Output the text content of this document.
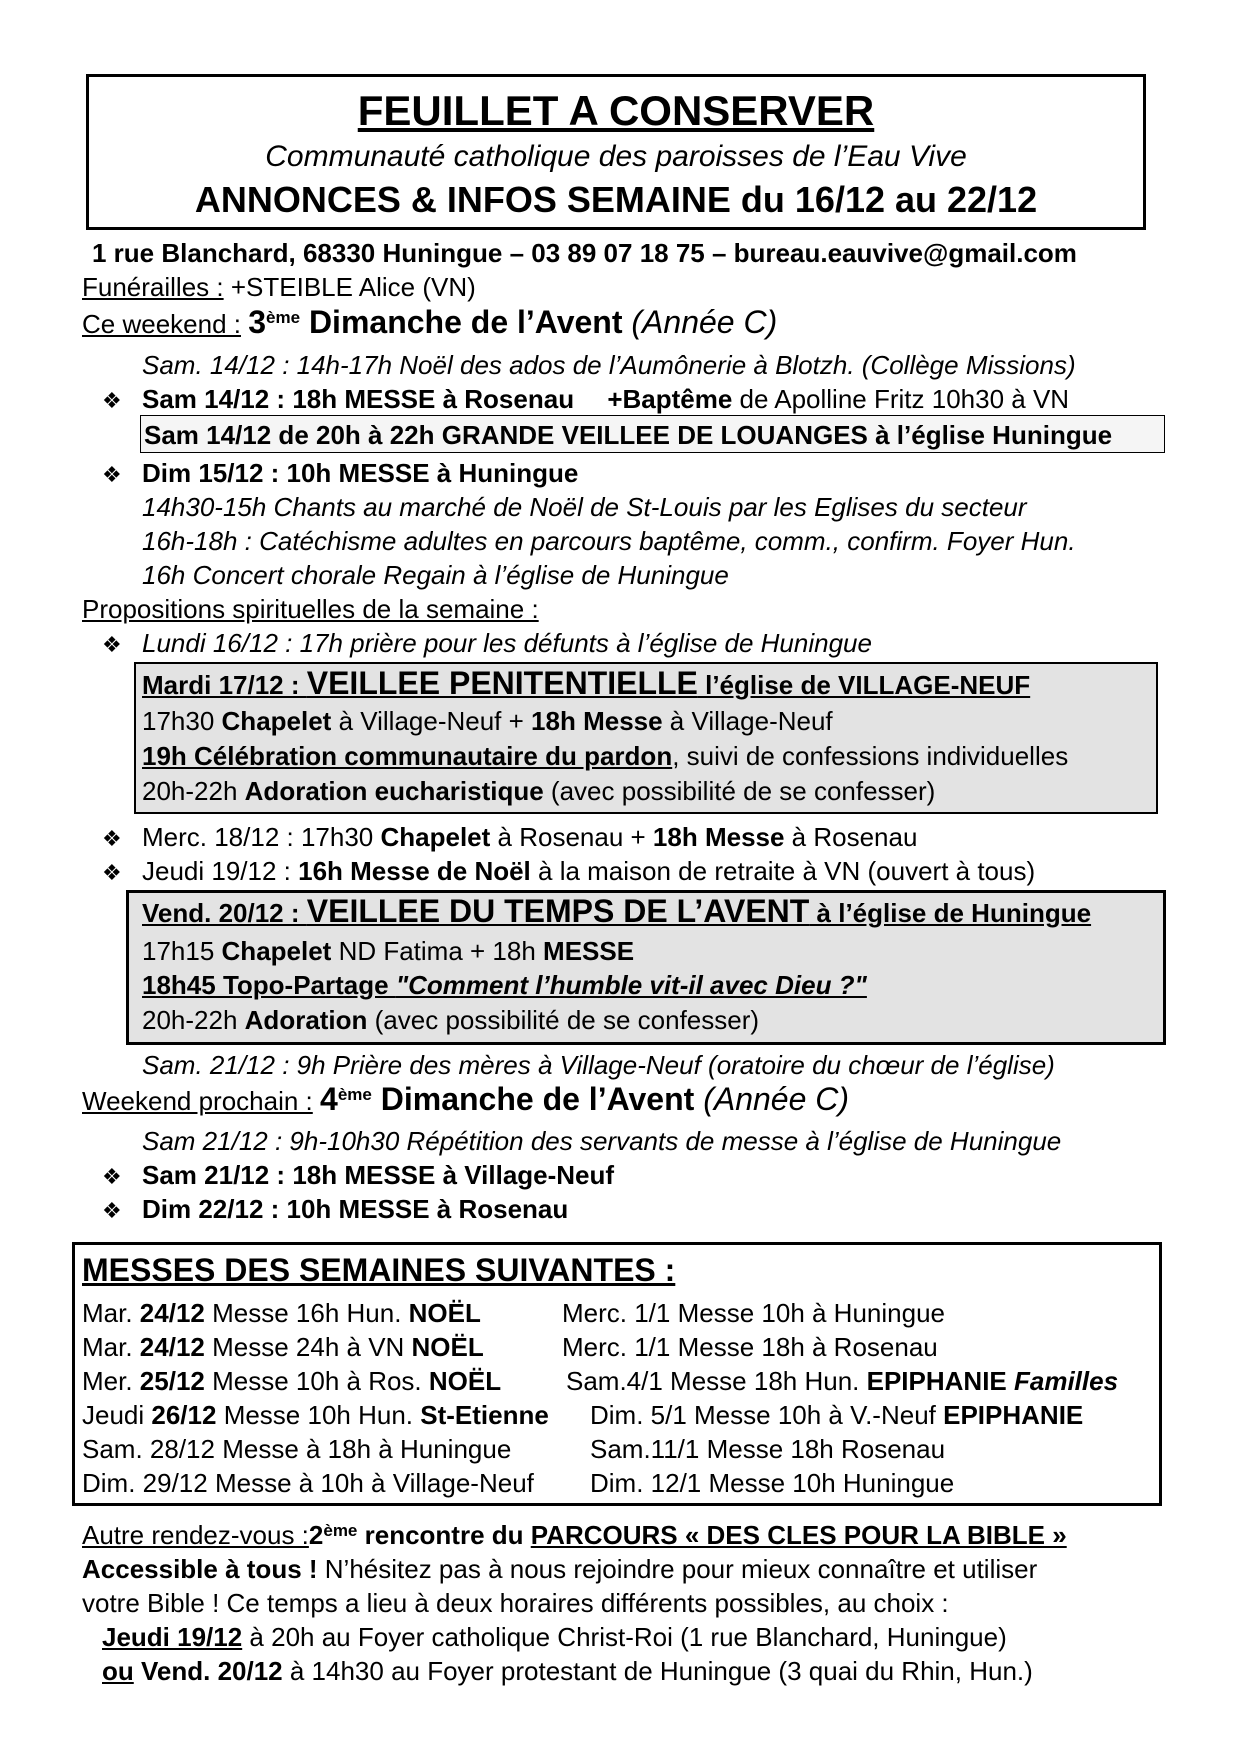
FEUILLET A CONSERVER
Communauté catholique des paroisses de l’Eau Vive
ANNONCES & INFOS SEMAINE du 16/12 au 22/12
1 rue Blanchard, 68330 Huningue – 03 89 07 18 75 – bureau.eauvive@gmail.com
Funérailles : +STEIBLE Alice (VN)
Ce weekend : 3ème Dimanche de l’Avent (Année C)
Sam. 14/12 : 14h-17h Noël des ados de l’Aumônerie à Blotzh. (Collège Missions)
❖ Sam 14/12 : 18h MESSE à Rosenau +Baptême de Apolline Fritz 10h30 à VN
Sam 14/12 de 20h à 22h GRANDE VEILLEE DE LOUANGES à l’église Huningue
❖ Dim 15/12 : 10h MESSE à Huningue
14h30-15h Chants au marché de Noël de St-Louis par les Eglises du secteur
16h-18h : Catéchisme adultes en parcours baptême, comm., confirm. Foyer Hun.
16h Concert chorale Regain à l’église de Huningue
Propositions spirituelles de la semaine :
❖ Lundi 16/12 : 17h prière pour les défunts à l’église de Huningue
Mardi 17/12 : VEILLEE PENITENTIELLE l’église de VILLAGE-NEUF
17h30 Chapelet à Village-Neuf + 18h Messe à Village-Neuf
19h Célébration communautaire du pardon, suivi de confessions individuelles
20h-22h Adoration eucharistique (avec possibilité de se confesser)
❖ Merc. 18/12 : 17h30 Chapelet à Rosenau + 18h Messe à Rosenau
❖ Jeudi 19/12 : 16h Messe de Noël à la maison de retraite à VN (ouvert à tous)
Vend. 20/12 : VEILLEE DU TEMPS DE L’AVENT à l’église de Huningue
17h15 Chapelet ND Fatima + 18h MESSE
18h45 Topo-Partage "Comment l’humble vit-il avec Dieu ?"
20h-22h Adoration (avec possibilité de se confesser)
Sam. 21/12 : 9h Prière des mères à Village-Neuf (oratoire du chœur de l’église)
Weekend prochain : 4ème Dimanche de l’Avent (Année C)
Sam 21/12 : 9h-10h30 Répétition des servants de messe à l’église de Huningue
❖ Sam 21/12 : 18h MESSE à Village-Neuf
❖ Dim 22/12 : 10h MESSE à Rosenau
MESSES DES SEMAINES SUIVANTES :
Mar. 24/12 Messe 16h Hun. NOËL
Mar. 24/12 Messe 24h à VN NOËL
Mer. 25/12 Messe 10h à Ros. NOËL
Jeudi 26/12 Messe 10h Hun. St-Etienne
Sam. 28/12 Messe à 18h à Huningue
Dim. 29/12 Messe à 10h à Village-Neuf
Merc. 1/1 Messe 10h à Huningue
Merc. 1/1 Messe 18h à Rosenau
Sam.4/1 Messe 18h Hun. EPIPHANIE Familles
Dim. 5/1 Messe 10h à V.-Neuf EPIPHANIE
Sam.11/1 Messe 18h Rosenau
Dim. 12/1 Messe 10h Huningue
Autre rendez-vous :2ème rencontre du PARCOURS « DES CLES POUR LA BIBLE »
Accessible à tous ! N’hésitez pas à nous rejoindre pour mieux connaître et utiliser
votre Bible ! Ce temps a lieu à deux horaires différents possibles, au choix :
Jeudi 19/12 à 20h au Foyer catholique Christ-Roi (1 rue Blanchard, Huningue)
ou Vend. 20/12 à 14h30 au Foyer protestant de Huningue (3 quai du Rhin, Hun.)
